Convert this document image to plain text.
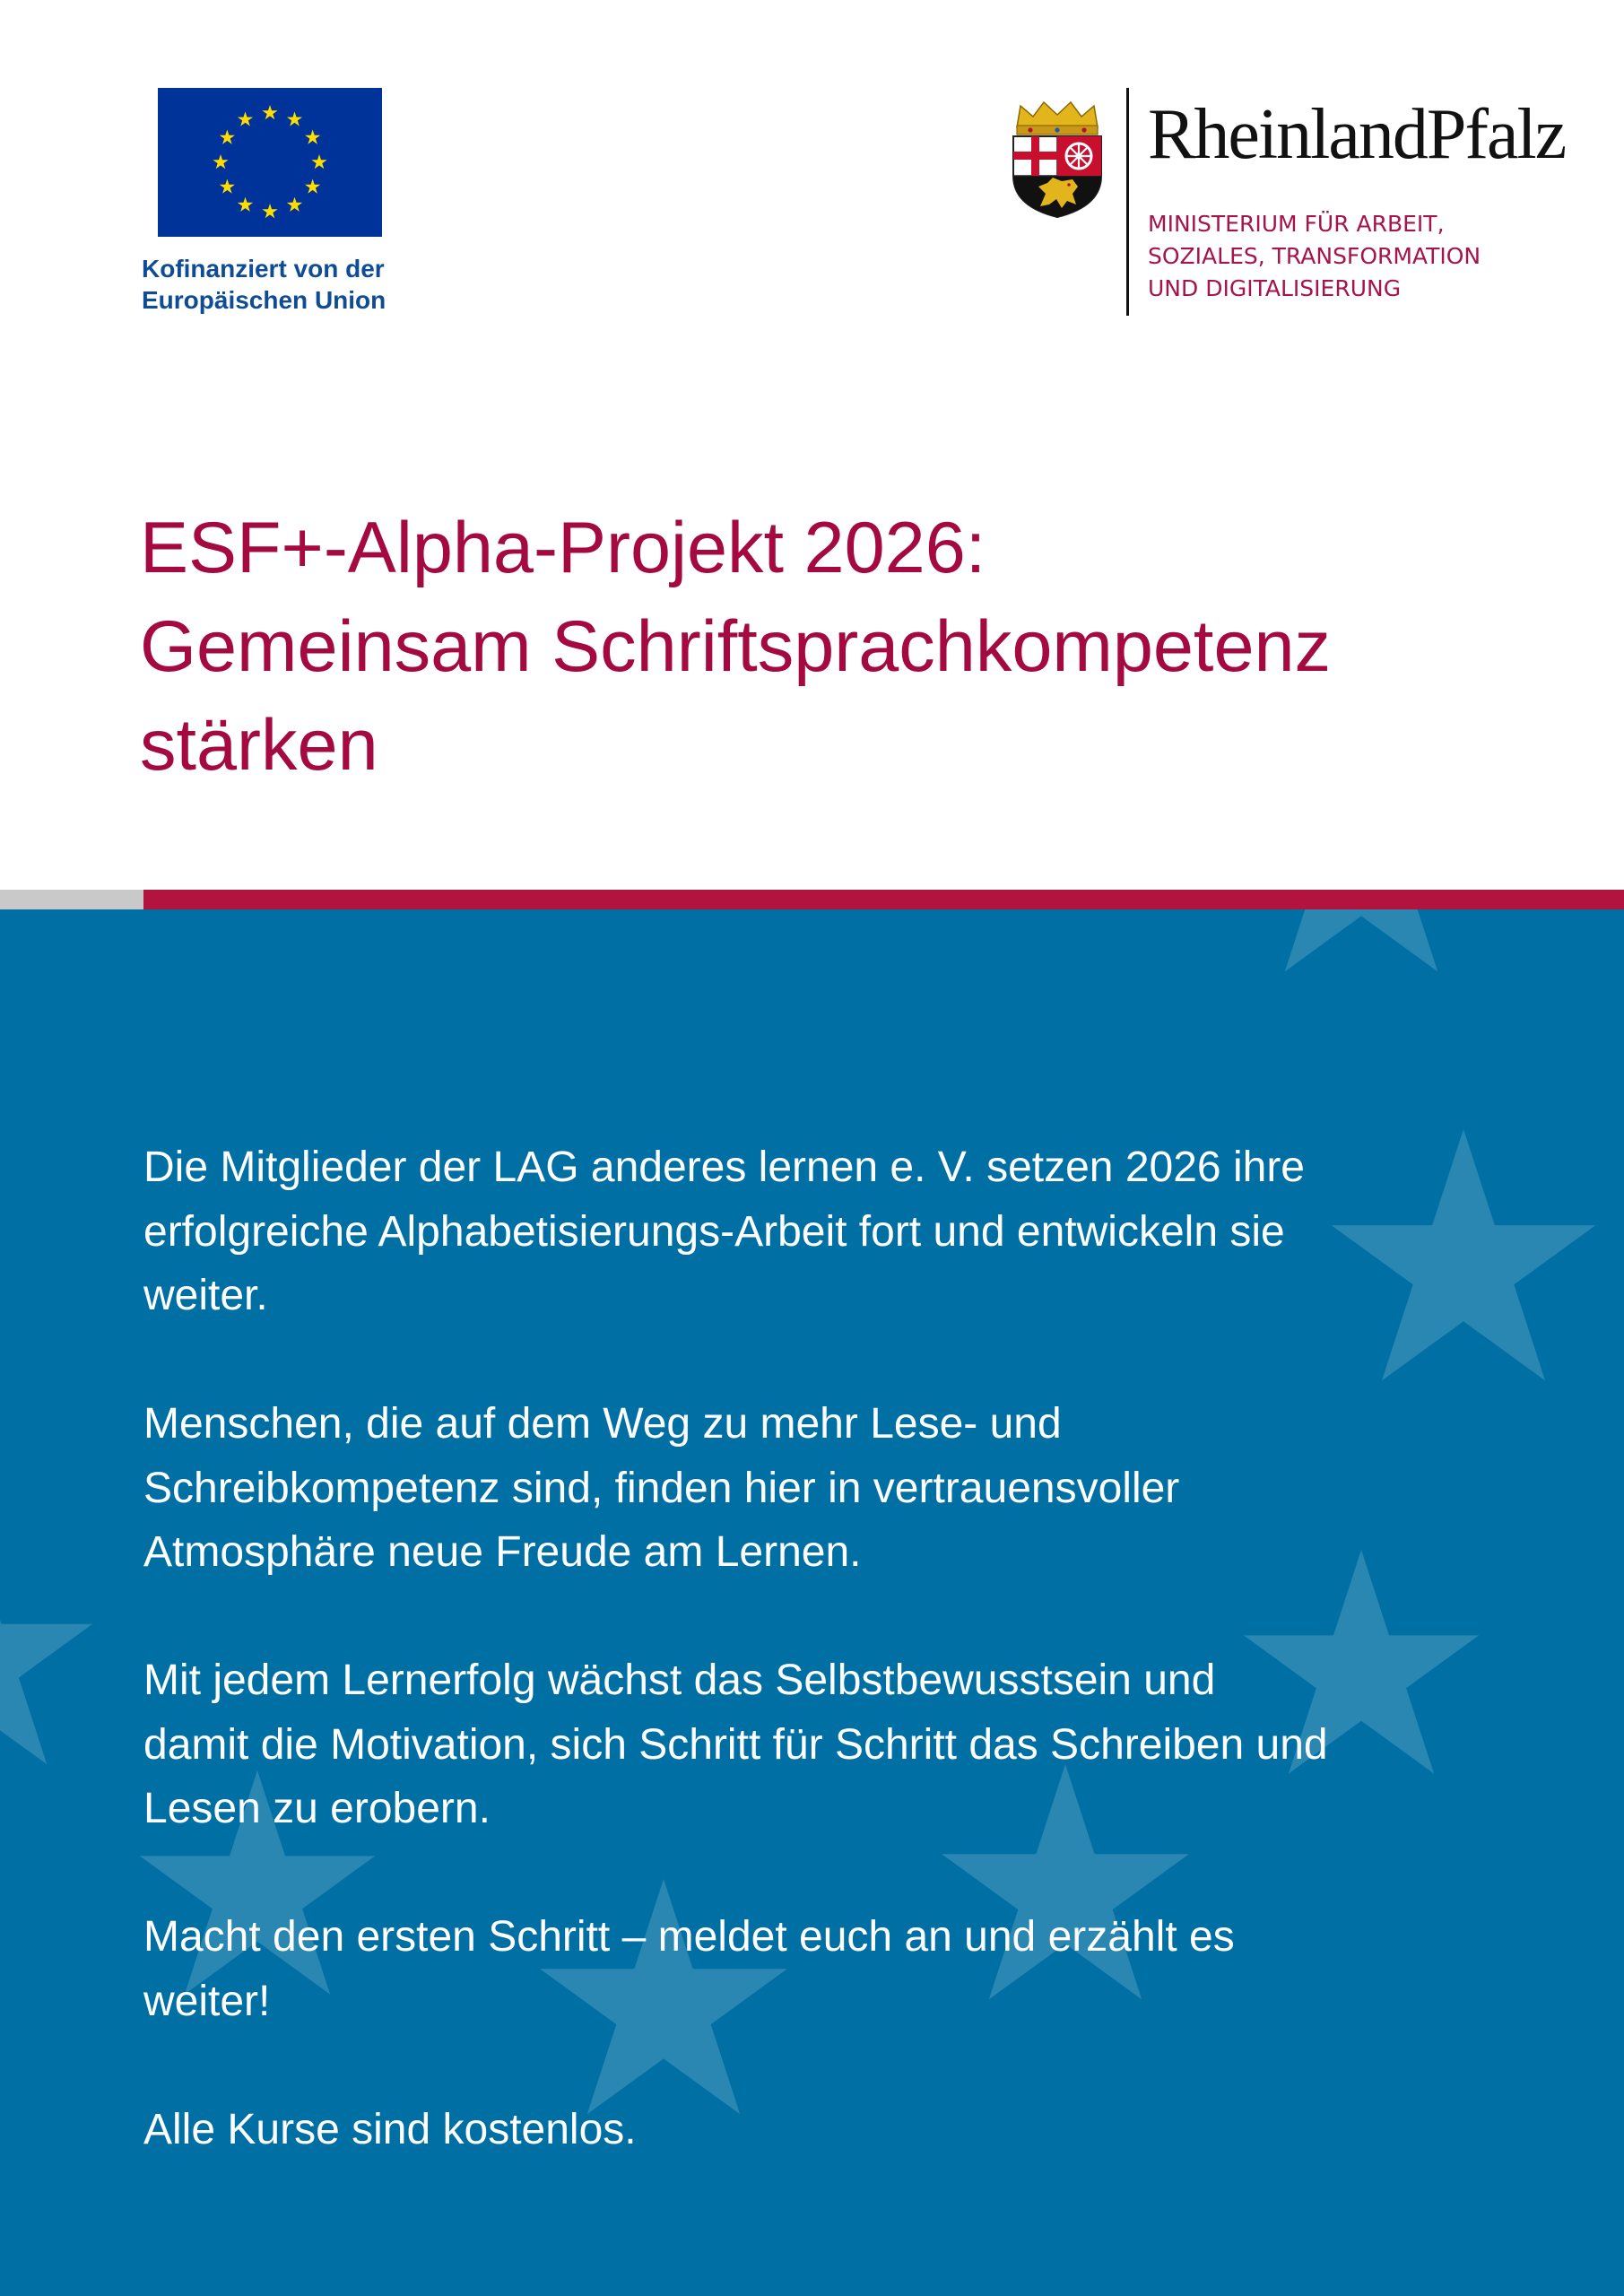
Kofinanziert von der
Europäischen Union
RheinlandPfalz
MINISTERIUM FÜR ARBEIT,
SOZIALES, TRANSFORMATION
UND DIGITALISIERUNG
ESF+-Alpha-Projekt 2026:
Gemeinsam Schriftsprachkompetenz
stärken

Die Mitglieder der LAG anderes lernen e. V. setzen 2026 ihre
erfolgreiche Alphabetisierungs-Arbeit fort und entwickeln sie
weiter.

Menschen, die auf dem Weg zu mehr Lese- und
Schreibkompetenz sind, finden hier in vertrauensvoller
Atmosphäre neue Freude am Lernen.

Mit jedem Lernerfolg wächst das Selbstbewusstsein und
damit die Motivation, sich Schritt für Schritt das Schreiben und
Lesen zu erobern.

Macht den ersten Schritt – meldet euch an und erzählt es
weiter!

Alle Kurse sind kostenlos.
